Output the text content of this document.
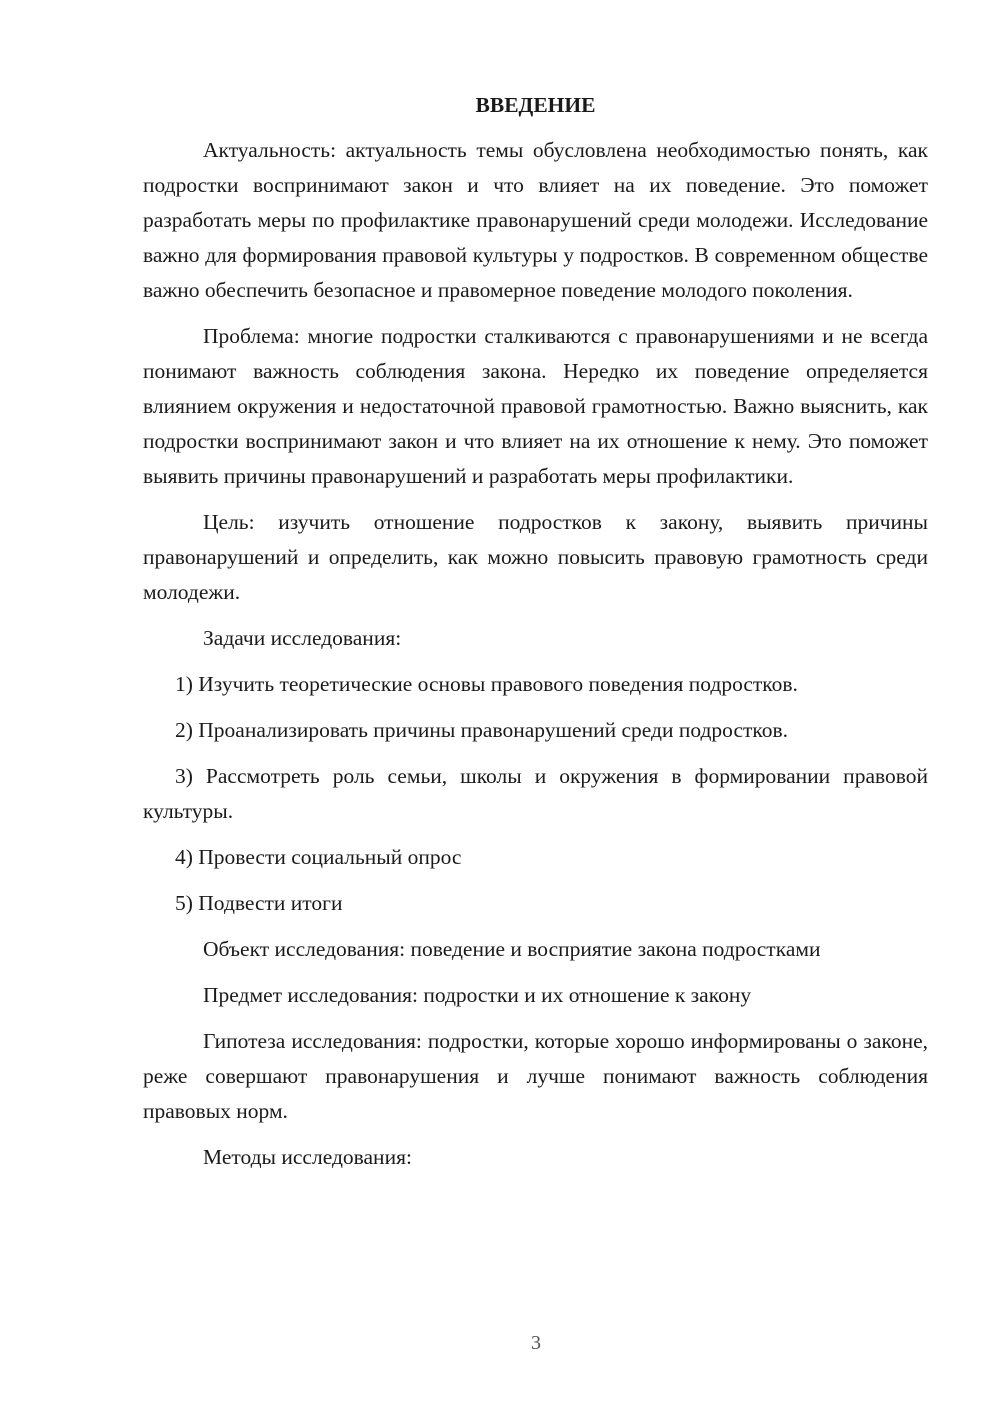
ВВЕДЕНИЕ

Актуальность: актуальность темы обусловлена необходимостью понять, как подростки воспринимают закон и что влияет на их поведение. Это поможет разработать меры по профилактике правонарушений среди молодежи. Исследование важно для формирования правовой культуры у подростков. В современном обществе важно обеспечить безопасное и правомерное поведение молодого поколения.

Проблема: многие подростки сталкиваются с правонарушениями и не всегда понимают важность соблюдения закона. Нередко их поведение определяется влиянием окружения и недостаточной правовой грамотностью. Важно выяснить, как подростки воспринимают закон и что влияет на их отношение к нему. Это поможет выявить причины правонарушений и разработать меры профилактики.

Цель: изучить отношение подростков к закону, выявить причины правонарушений и определить, как можно повысить правовую грамотность среди молодежи.

Задачи исследования:

1) Изучить теоретические основы правового поведения подростков.

2) Проанализировать причины правонарушений среди подростков.

3) Рассмотреть роль семьи, школы и окружения в формировании правовой культуры.

4) Провести социальный опрос

5) Подвести итоги

Объект исследования: поведение и восприятие закона подростками

Предмет исследования: подростки и их отношение к закону

Гипотеза исследования: подростки, которые хорошо информированы о законе, реже совершают правонарушения и лучше понимают важность соблюдения правовых норм.

Методы исследования:

3
